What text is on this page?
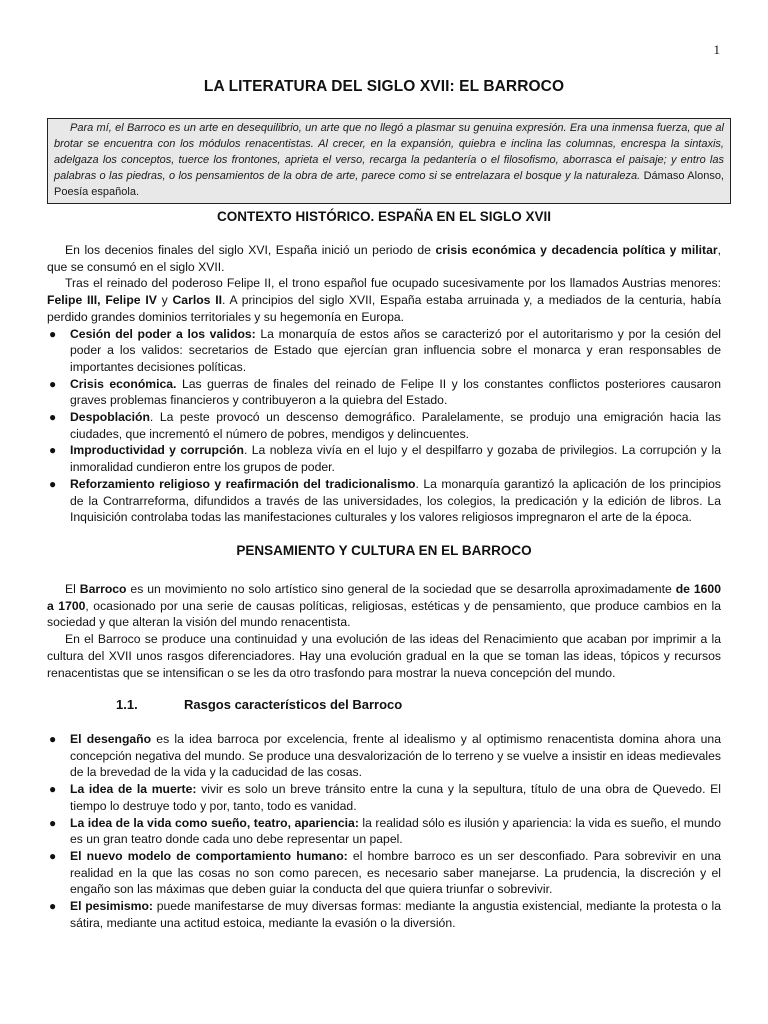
1
LA LITERATURA DEL SIGLO XVII: EL BARROCO
Para mí, el Barroco es un arte en desequilibrio, un arte que no llegó a plasmar su genuina expresión. Era una inmensa fuerza, que al brotar se encuentra con los módulos renacentistas. Al crecer, en la expansión, quiebra e inclina las columnas, encrespa la sintaxis, adelgaza los conceptos, tuerce los frontones, aprieta el verso, recarga la pedantería o el filosofismo, aborrasca el paisaje; y entro las palabras o las piedras, o los pensamientos de la obra de arte, parece como si se entrelazara el bosque y la naturaleza. Dámaso Alonso, Poesía española.
CONTEXTO HISTÓRICO. ESPAÑA EN EL SIGLO XVII

En los decenios finales del siglo XVI, España inició un periodo de crisis económica y decadencia política y militar, que se consumó en el siglo XVII.

Tras el reinado del poderoso Felipe II, el trono español fue ocupado sucesivamente por los llamados Austrias menores: Felipe III, Felipe IV y Carlos II. A principios del siglo XVII, España estaba arruinada y, a mediados de la centuria, había perdido grandes dominios territoriales y su hegemonía en Europa.

● Cesión del poder a los validos: La monarquía de estos años se caracterizó por el autoritarismo y por la cesión del poder a los validos: secretarios de Estado que ejercían gran influencia sobre el monarca y eran responsables de importantes decisiones políticas.
● Crisis económica. Las guerras de finales del reinado de Felipe II y los constantes conflictos posteriores causaron graves problemas financieros y contribuyeron a la quiebra del Estado.
● Despoblación. La peste provocó un descenso demográfico. Paralelamente, se produjo una emigración hacia las ciudades, que incrementó el número de pobres, mendigos y delincuentes.
● Improductividad y corrupción. La nobleza vivía en el lujo y el despilfarro y gozaba de privilegios. La corrupción y la inmoralidad cundieron entre los grupos de poder.
● Reforzamiento religioso y reafirmación del tradicionalismo. La monarquía garantizó la aplicación de los principios de la Contrarreforma, difundidos a través de las universidades, los colegios, la predicación y la edición de libros. La Inquisición controlaba todas las manifestaciones culturales y los valores religiosos impregnaron el arte de la época.
PENSAMIENTO Y CULTURA EN EL BARROCO

El Barroco es un movimiento no solo artístico sino general de la sociedad que se desarrolla aproximadamente de 1600 a 1700, ocasionado por una serie de causas políticas, religiosas, estéticas y de pensamiento, que produce cambios en la sociedad y que alteran la visión del mundo renacentista.

En el Barroco se produce una continuidad y una evolución de las ideas del Renacimiento que acaban por imprimir a la cultura del XVII unos rasgos diferenciadores. Hay una evolución gradual en la que se toman las ideas, tópicos y recursos renacentistas que se intensifican o se les da otro trasfondo para mostrar la nueva concepción del mundo.

1.1.	Rasgos característicos del Barroco
● El desengaño es la idea barroca por excelencia, frente al idealismo y al optimismo renacentista domina ahora una concepción negativa del mundo. Se produce una desvalorización de lo terreno y se vuelve a insistir en ideas medievales de la brevedad de la vida y la caducidad de las cosas.
● La idea de la muerte: vivir es solo un breve tránsito entre la cuna y la sepultura, título de una obra de Quevedo. El tiempo lo destruye todo y por, tanto, todo es vanidad.
● La idea de la vida como sueño, teatro, apariencia: la realidad sólo es ilusión y apariencia: la vida es sueño, el mundo es un gran teatro donde cada uno debe representar un papel.
● El nuevo modelo de comportamiento humano: el hombre barroco es un ser desconfiado. Para sobrevivir en una realidad en la que las cosas no son como parecen, es necesario saber manejarse. La prudencia, la discreción y el engaño son las máximas que deben guiar la conducta del que quiera triunfar o sobrevivir.
● El pesimismo: puede manifestarse de muy diversas formas: mediante la angustia existencial, mediante la protesta o la sátira, mediante una actitud estoica, mediante la evasión o la diversión.
